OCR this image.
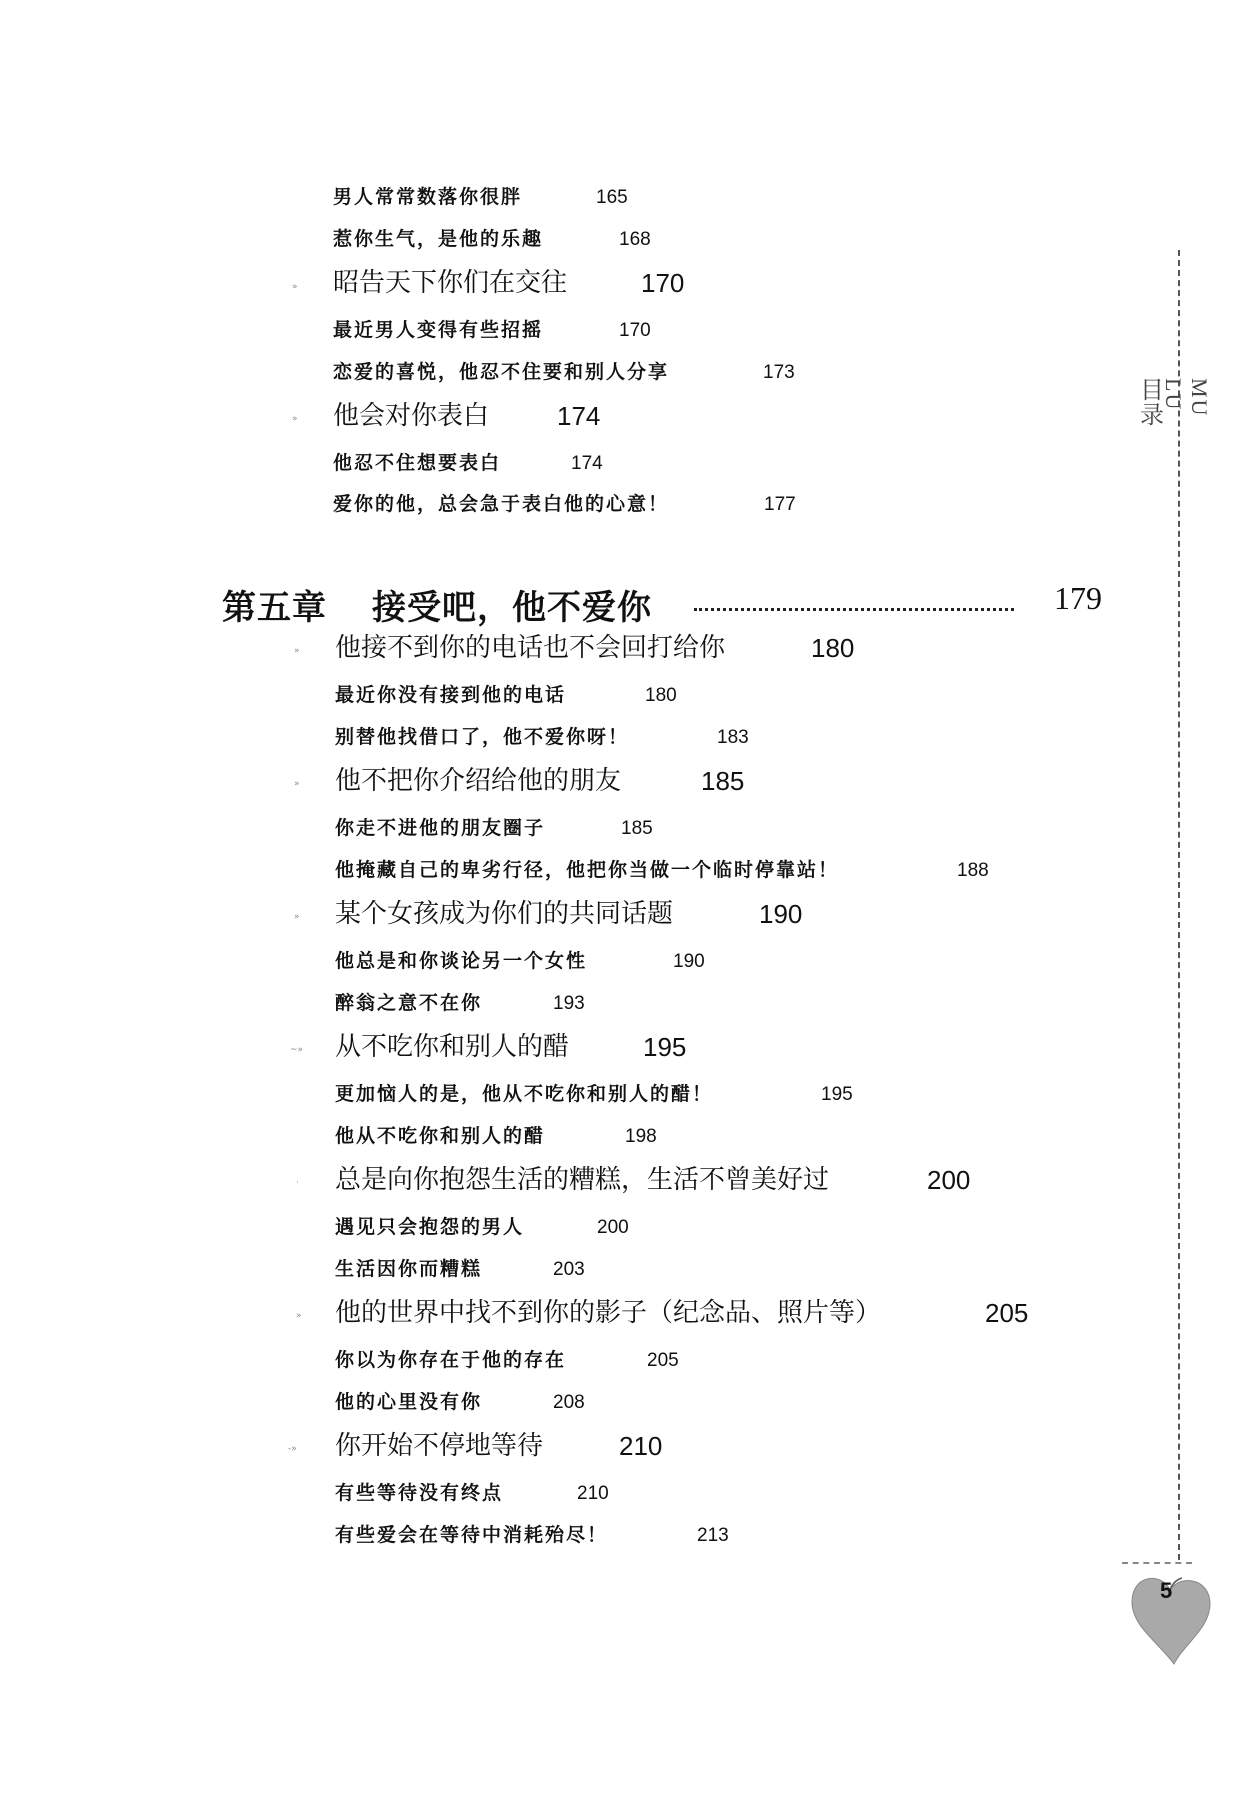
男人常常数落你很胖	165
惹你生气，是他的乐趣	168
» 昭告天下你们在交往	170
最近男人变得有些招摇	170
恋爱的喜悦，他忍不住要和别人分享	173
» 他会对你表白	174
他忍不住想要表白	174
爱你的他，总会急于表白他的心意！	177
第五章 接受吧，他不爱你	179
» 他接不到你的电话也不会回打给你	180
最近你没有接到他的电话	180
别替他找借口了，他不爱你呀！	183
» 他不把你介绍给他的朋友	185
你走不进他的朋友圈子	185
他掩藏自己的卑劣行径，他把你当做一个临时停靠站！	188
» 某个女孩成为你们的共同话题	190
他总是和你谈论另一个女性	190
醉翁之意不在你	193
~» 从不吃你和别人的醋	195
更加恼人的是，他从不吃你和别人的醋！	195
他从不吃你和别人的醋	198
· 总是向你抱怨生活的糟糕，生活不曾美好过	200
遇见只会抱怨的男人	200
生活因你而糟糕	203
» 他的世界中找不到你的影子（纪念品、照片等）	205
你以为你存在于他的存在	205
他的心里没有你	208
-» 你开始不停地等待	210
有些等待没有终点	210
有些爱会在等待中消耗殆尽！	213
目录	MU LU
5
